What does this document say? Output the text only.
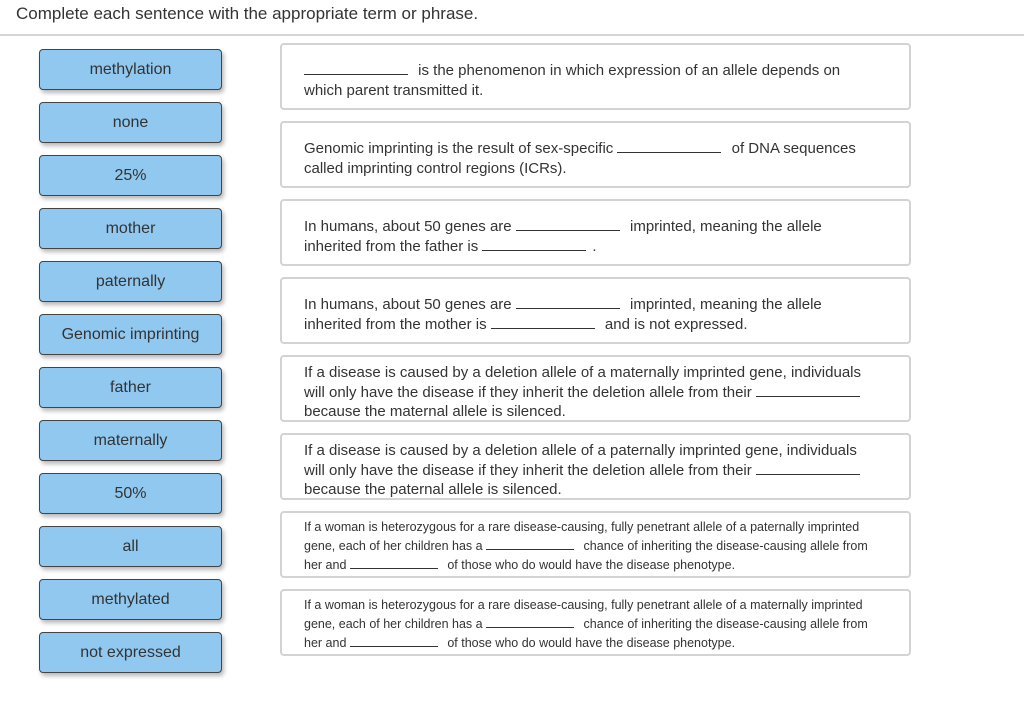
Complete each sentence with the appropriate term or phrase.
methylation
none
25%
mother
paternally
Genomic imprinting
father
maternally
50%
all
methylated
not expressed
is the phenomenon in which expression of an allele depends on which parent transmitted it.
Genomic imprinting is the result of sex-specific	of DNA sequences called imprinting control regions (ICRs).
In humans, about 50 genes are	imprinted, meaning the allele inherited from the father is	.
In humans, about 50 genes are	imprinted, meaning the allele inherited from the mother is	and is not expressed.
If a disease is caused by a deletion allele of a maternally imprinted gene, individuals will only have the disease if they inherit the deletion allele from their  because the maternal allele is silenced.
If a disease is caused by a deletion allele of a paternally imprinted gene, individuals will only have the disease if they inherit the deletion allele from their  because the paternal allele is silenced.
If a woman is heterozygous for a rare disease-causing, fully penetrant allele of a paternally imprinted gene, each of her children has a	chance of inheriting the disease-causing allele from her and	of those who do would have the disease phenotype.
If a woman is heterozygous for a rare disease-causing, fully penetrant allele of a maternally imprinted gene, each of her children has a	chance of inheriting the disease-causing allele from her and	of those who do would have the disease phenotype.
